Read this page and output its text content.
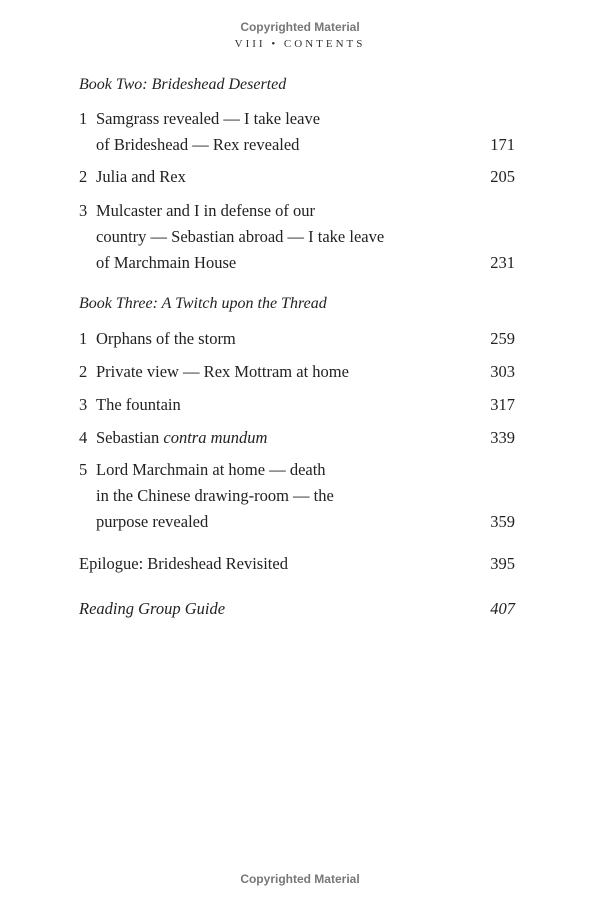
Copyrighted Material
VIII • CONTENTS
Book Two: Brideshead Deserted
1 Samgrass revealed — I take leave
of Brideshead — Rex revealed	171
2 Julia and Rex	205
3 Mulcaster and I in defense of our
country — Sebastian abroad — I take leave
of Marchmain House	231
Book Three: A Twitch upon the Thread
1 Orphans of the storm	259
2 Private view — Rex Mottram at home	303
3 The fountain	317
4 Sebastian contra mundum	339
5 Lord Marchmain at home — death
in the Chinese drawing-room — the
purpose revealed	359
Epilogue: Brideshead Revisited	395
Reading Group Guide	407
Copyrighted Material
